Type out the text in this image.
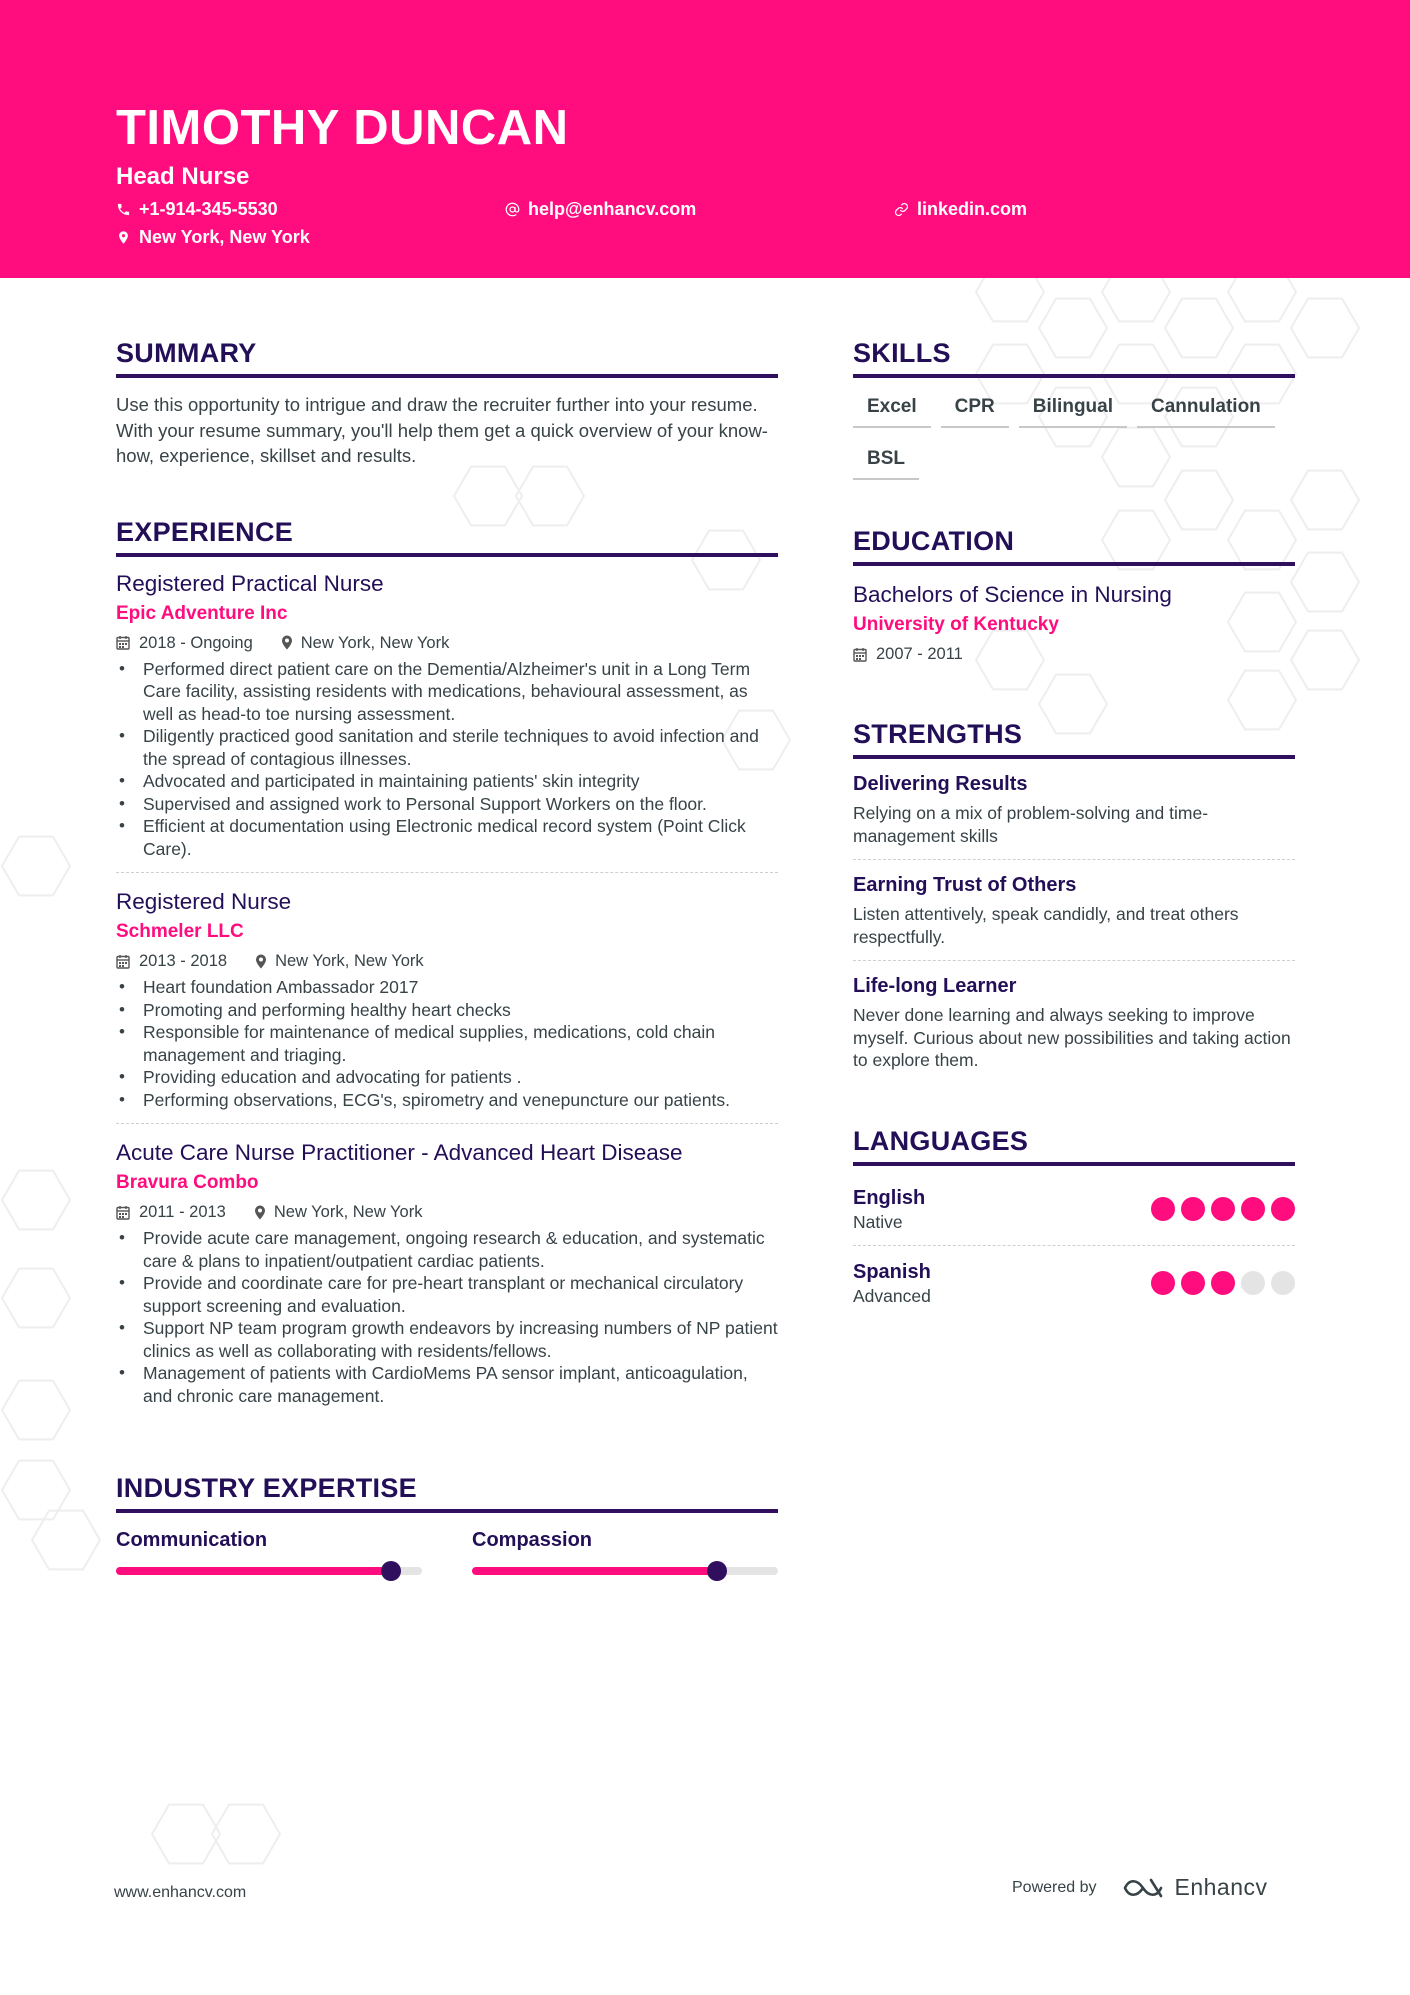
TIMOTHY DUNCAN
Head Nurse
+1-914-345-5530	help@enhancv.com	linkedin.com
New York, New York
SUMMARY

Use this opportunity to intrigue and draw the recruiter further into your resume. With your resume summary, you'll help them get a quick overview of your know-how, experience, skillset and results.

EXPERIENCE
Registered Practical Nurse
Epic Adventure Inc
2018 - Ongoing	New York, New York
• Performed direct patient care on the Dementia/Alzheimer's unit in a Long Term Care facility, assisting residents with medications, behavioural assessment, as well as head-to toe nursing assessment.
• Diligently practiced good sanitation and sterile techniques to avoid infection and the spread of contagious illnesses.
• Advocated and participated in maintaining patients' skin integrity
• Supervised and assigned work to Personal Support Workers on the floor.
• Efficient at documentation using Electronic medical record system (Point Click Care).
Registered Nurse
Schmeler LLC
2013 - 2018	New York, New York
• Heart foundation Ambassador 2017
• Promoting and performing healthy heart checks
• Responsible for maintenance of medical supplies, medications, cold chain management and triaging.
• Providing education and advocating for patients .
• Performing observations, ECG's, spirometry and venepuncture our patients.
Acute Care Nurse Practitioner - Advanced Heart Disease
Bravura Combo
2011 - 2013	New York, New York
• Provide acute care management, ongoing research & education, and systematic care & plans to inpatient/outpatient cardiac patients.
• Provide and coordinate care for pre-heart transplant or mechanical circulatory support screening and evaluation.
• Support NP team program growth endeavors by increasing numbers of NP patient clinics as well as collaborating with residents/fellows.
• Management of patients with CardioMems PA sensor implant, anticoagulation, and chronic care management.
INDUSTRY EXPERTISE
Communication	Compassion
SKILLS
Excel	CPR	Bilingual	Cannulation
BSL
EDUCATION
Bachelors of Science in Nursing
University of Kentucky
2007 - 2011
STRENGTHS
Delivering Results
Relying on a mix of problem-solving and time-management skills
Earning Trust of Others
Listen attentively, speak candidly, and treat others respectfully.
Life-long Learner
Never done learning and always seeking to improve myself. Curious about new possibilities and taking action to explore them.
LANGUAGES
English
Native
Spanish
Advanced
www.enhancv.com	Powered by	Enhancv
